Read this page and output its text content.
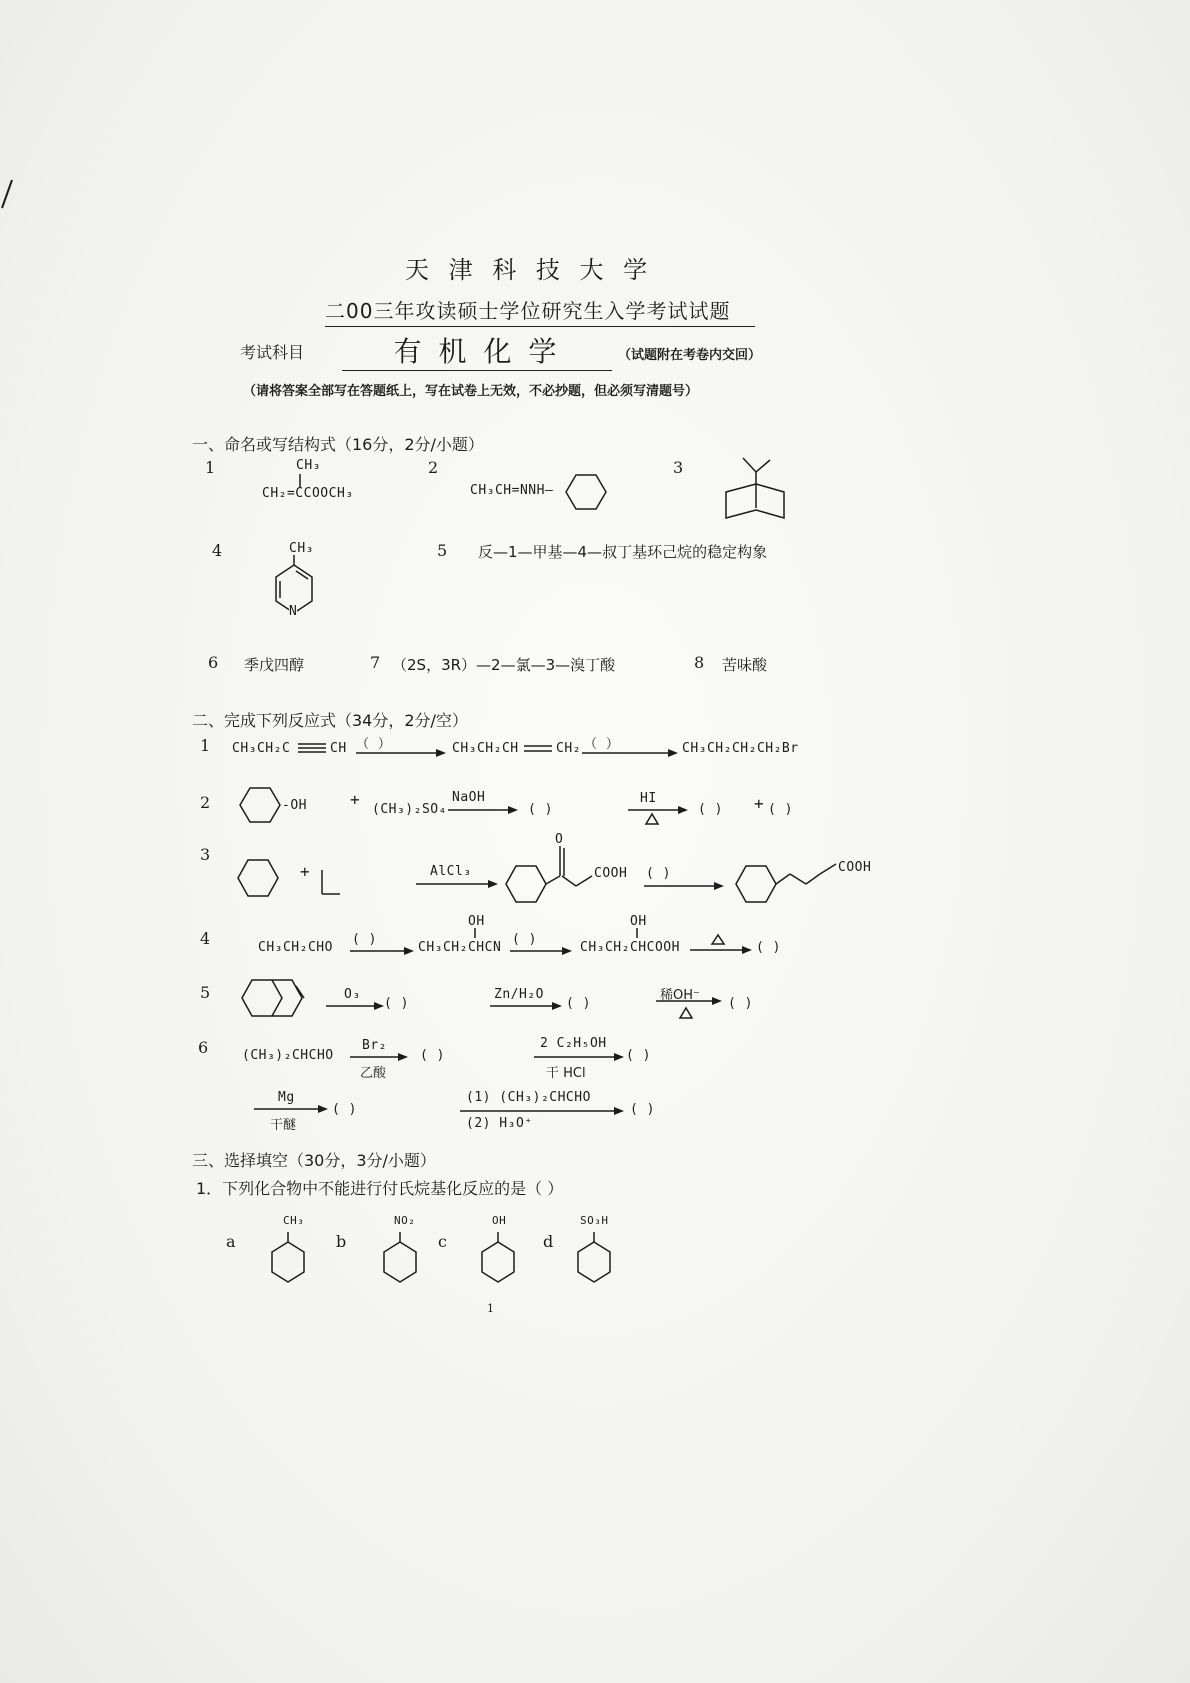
天 津 科 技 大 学
二00三年攻读硕士学位研究生入学考试试题
考试科目	有 机 化 学	（试题附在考卷内交回）
（请将答案全部写在答题纸上，写在试卷上无效，不必抄题，但必须写清题号）
一、命名或写结构式（16分，2分/小题）
1	CH₃
CH₂=CCOOCH₃
2
CH₃CH=NNH—
3
4	CH₃
N
5 反—1—甲基—4—叔丁基环己烷的稳定构象
6 季戊四醇	7 （2S，3R）—2—氯—3—溴丁酸	8 苦味酸
二、完成下列反应式（34分，2分/空）
1 CH₃CH₂C	CH （ ）	CH₃CH₂CH	CH₂ （ ）	CH₃CH₂CH₂CH₂Br
2	-OH	+
(CH₃)₂SO₄
NaOH
( )
HI
( ) + ( )
3
+	AlCl₃
O
COOH ( )	COOH
4	CH₃CH₂CHO
( )
OH
CH₃CH₂CHCN
( )
OH
CH₃CH₂CHCOOH	( )
5	O₃
( )
Zn/H₂O
( )
稀OH⁻
( )
6	(CH₃)₂CHCHO
Br₂
乙酸
( )
2 C₂H₅OH
干 HCl
( )
Mg
干醚
( )
(1) (CH₃)₂CHCHO
(2) H₃O⁺
( )
三、选择填空（30分，3分/小题）
1．下列化合物中不能进行付氏烷基化反应的是（ ）
a
CH₃
b
NO₂
c
OH
d
SO₃H
1
